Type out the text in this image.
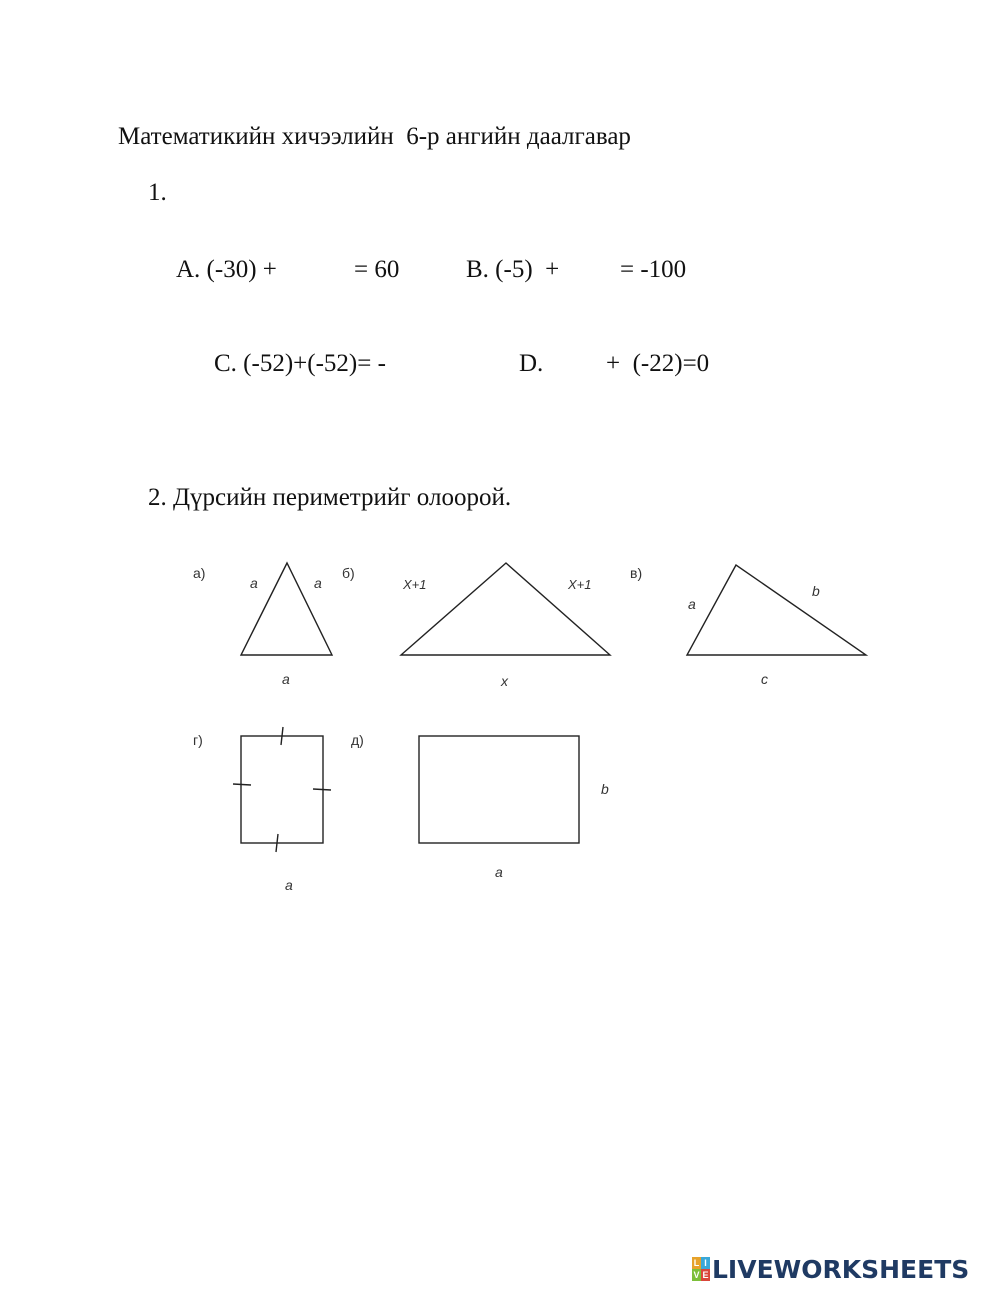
Математикийн хичээлийн  6-р ангийн даалгавар
1.
A. (-30) +	= 60	B. (-5)  + = -100
C. (-52)+(-52)= -	D.	+  (-22)=0
2. Дүрсийн периметрийг олоорой.
а)
a	a
a
б)
X+1	X+1
x
в)
a
b
c
г)
a
д)
b
a
L I
V E LIVEWORKSHEETS
